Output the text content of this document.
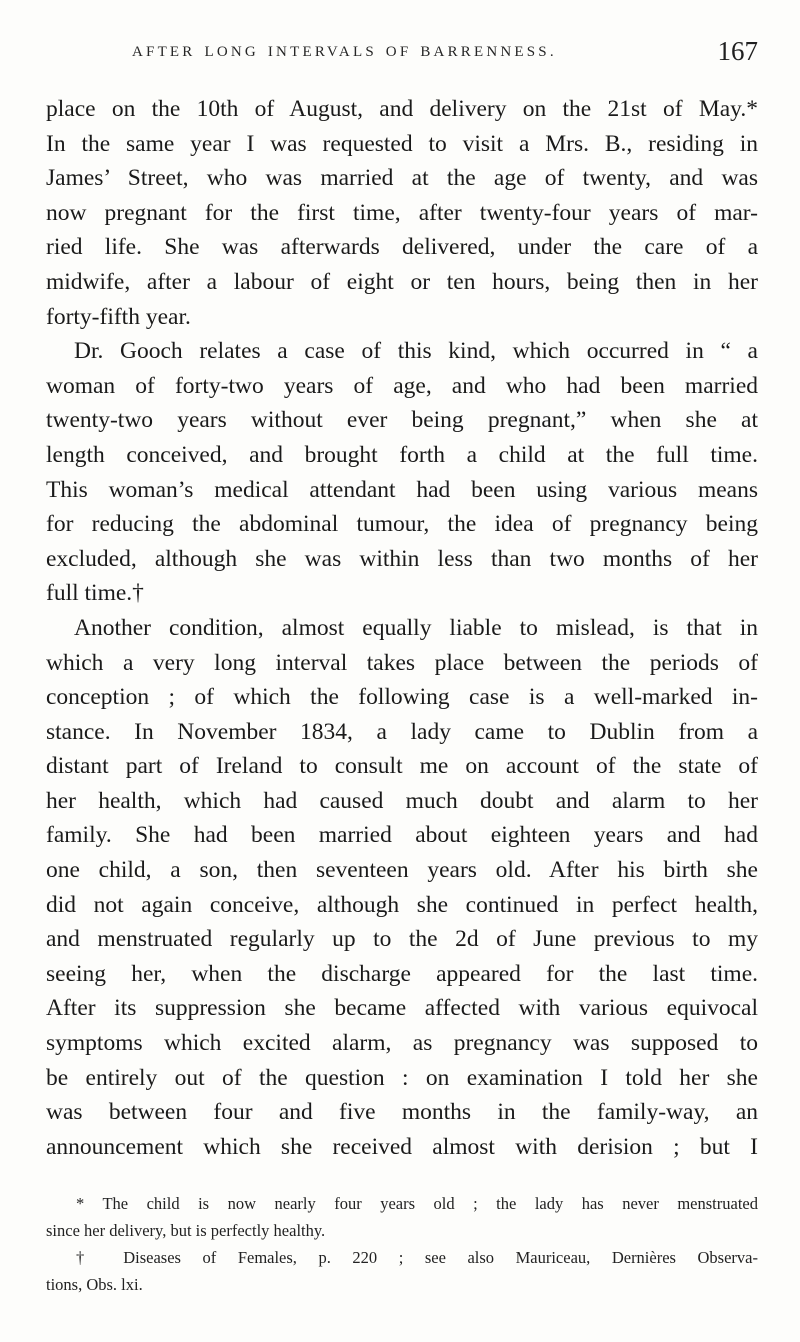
AFTER LONG INTERVALS OF BARRENNESS.	167
place on the 10th of August, and delivery on the 21st of May.*
In the same year I was requested to visit a Mrs. B., residing in
James’ Street, who was married at the age of twenty, and was
now pregnant for the first time, after twenty-four years of mar-
ried life. She was afterwards delivered, under the care of a
midwife, after a labour of eight or ten hours, being then in her
forty-fifth year.
Dr. Gooch relates a case of this kind, which occurred in “ a
woman of forty-two years of age, and who had been married
twenty-two years without ever being pregnant,” when she at
length conceived, and brought forth a child at the full time.
This woman’s medical attendant had been using various means
for reducing the abdominal tumour, the idea of pregnancy being
excluded, although she was within less than two months of her
full time.†
Another condition, almost equally liable to mislead, is that in
which a very long interval takes place between the periods of
conception ; of which the following case is a well-marked in-
stance. In November 1834, a lady came to Dublin from a
distant part of Ireland to consult me on account of the state of
her health, which had caused much doubt and alarm to her
family. She had been married about eighteen years and had
one child, a son, then seventeen years old. After his birth she
did not again conceive, although she continued in perfect health,
and menstruated regularly up to the 2d of June previous to my
seeing her, when the discharge appeared for the last time.
After its suppression she became affected with various equivocal
symptoms which excited alarm, as pregnancy was supposed to
be entirely out of the question : on examination I told her she
was between four and five months in the family-way, an
announcement which she received almost with derision ; but I
* The child is now nearly four years old ; the lady has never menstruated
since her delivery, but is perfectly healthy.
† Diseases of Females, p. 220 ; see also Mauriceau, Dernières Observa-
tions, Obs. lxi.
